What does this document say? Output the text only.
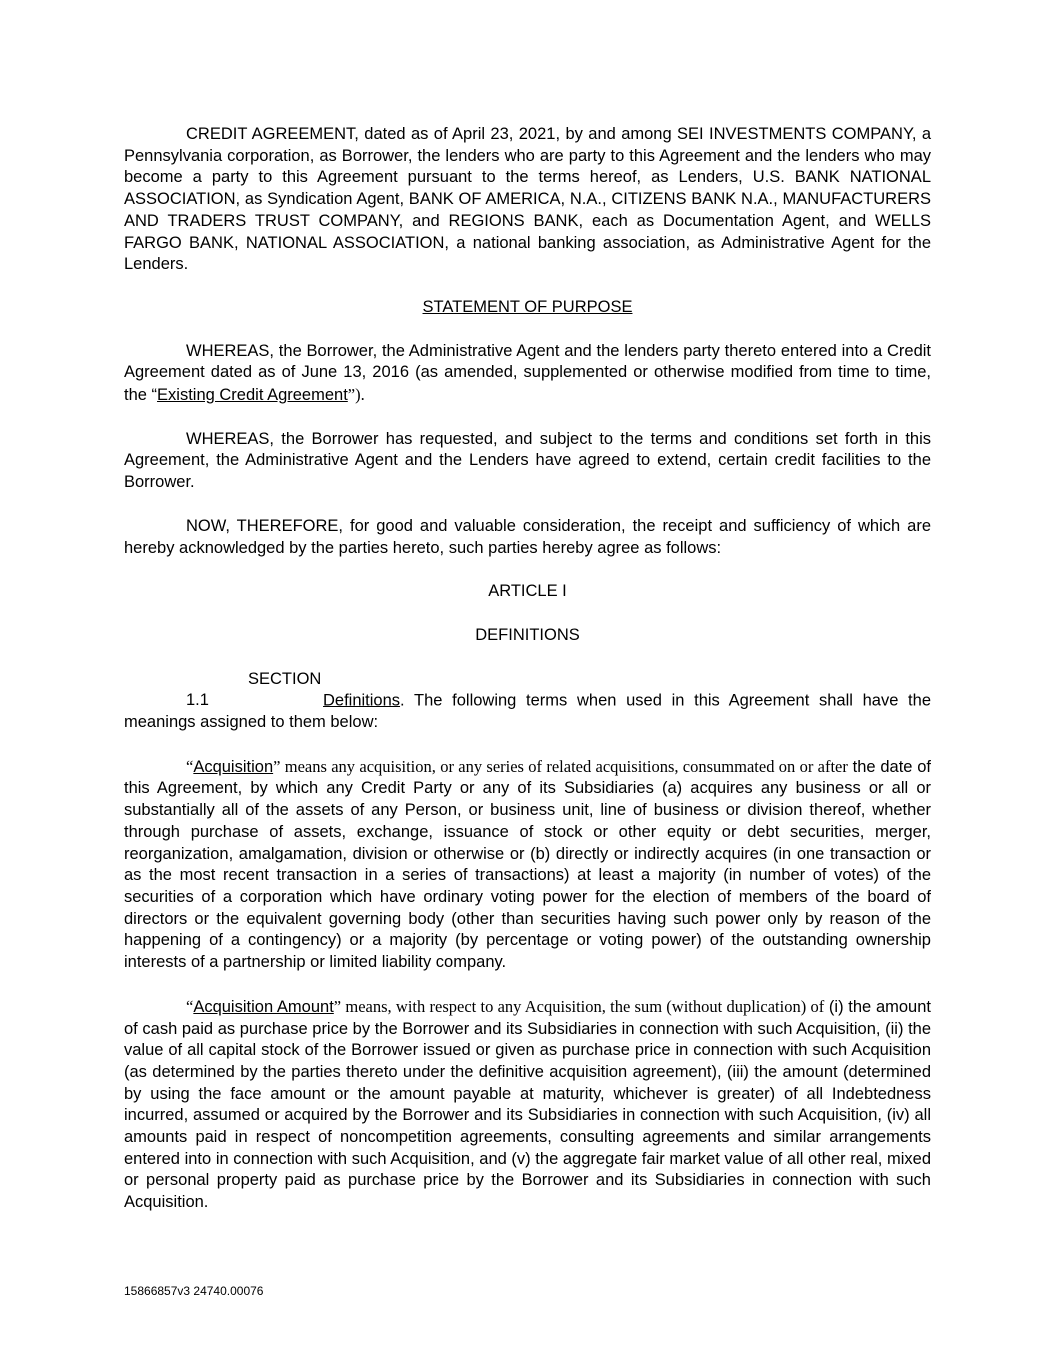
CREDIT AGREEMENT, dated as of April 23, 2021, by and among SEI INVESTMENTS COMPANY, a Pennsylvania corporation, as Borrower, the lenders who are party to this Agreement and the lenders who may become a party to this Agreement pursuant to the terms hereof, as Lenders, U.S. BANK NATIONAL ASSOCIATION, as Syndication Agent, BANK OF AMERICA, N.A., CITIZENS BANK N.A., MANUFACTURERS AND TRADERS TRUST COMPANY, and REGIONS BANK, each as Documentation Agent, and WELLS FARGO BANK, NATIONAL ASSOCIATION, a national banking association, as Administrative Agent for the Lenders.

STATEMENT OF PURPOSE

WHEREAS, the Borrower, the Administrative Agent and the lenders party thereto entered into a Credit Agreement dated as of June 13, 2016 (as amended, supplemented or otherwise modified from time to time, the “Existing Credit Agreement”).

WHEREAS, the Borrower has requested, and subject to the terms and conditions set forth in this Agreement, the Administrative Agent and the Lenders have agreed to extend, certain credit facilities to the Borrower.

NOW, THEREFORE, for good and valuable consideration, the receipt and sufficiency of which are hereby acknowledged by the parties hereto, such parties hereby agree as follows:

ARTICLE I

DEFINITIONS

SECTION 1.1	Definitions. The following terms when used in this Agreement shall have the meanings assigned to them below:

“Acquisition” means any acquisition, or any series of related acquisitions, consummated on or after the date of this Agreement, by which any Credit Party or any of its Subsidiaries (a) acquires any business or all or substantially all of the assets of any Person, or business unit, line of business or division thereof, whether through purchase of assets, exchange, issuance of stock or other equity or debt securities, merger, reorganization, amalgamation, division or otherwise or (b) directly or indirectly acquires (in one transaction or as the most recent transaction in a series of transactions) at least a majority (in number of votes) of the securities of a corporation which have ordinary voting power for the election of members of the board of directors or the equivalent governing body (other than securities having such power only by reason of the happening of a contingency) or a majority (by percentage or voting power) of the outstanding ownership interests of a partnership or limited liability company.

“Acquisition Amount” means, with respect to any Acquisition, the sum (without duplication) of (i) the amount of cash paid as purchase price by the Borrower and its Subsidiaries in connection with such Acquisition, (ii) the value of all capital stock of the Borrower issued or given as purchase price in connection with such Acquisition (as determined by the parties thereto under the definitive acquisition agreement), (iii) the amount (determined by using the face amount or the amount payable at maturity, whichever is greater) of all Indebtedness incurred, assumed or acquired by the Borrower and its Subsidiaries in connection with such Acquisition, (iv) all amounts paid in respect of noncompetition agreements, consulting agreements and similar arrangements entered into in connection with such Acquisition, and (v) the aggregate fair market value of all other real, mixed or personal property paid as purchase price by the Borrower and its Subsidiaries in connection with such Acquisition.

15866857v3 24740.00076
